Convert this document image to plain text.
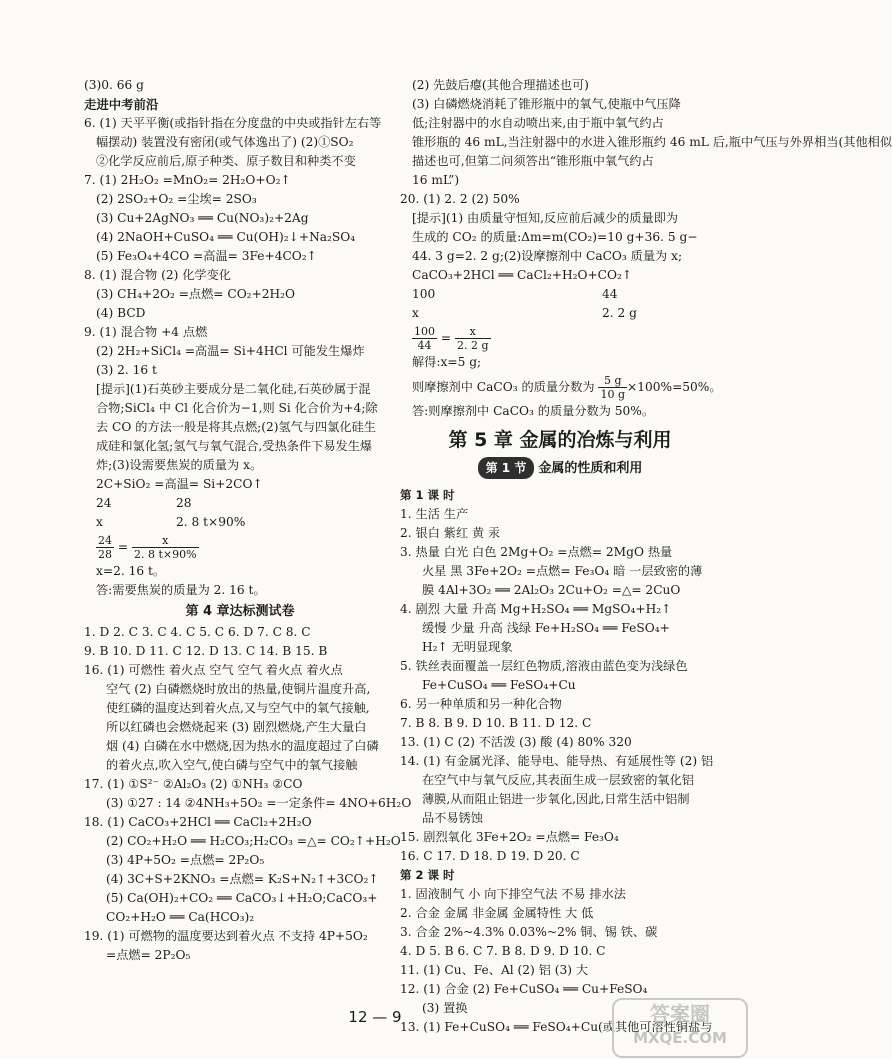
(3)0. 66 g
走进中考前沿
6. (1) 天平平衡(或指针指在分度盘的中央或指针左右等
幅摆动) 装置没有密闭(或气体逸出了) (2)①SO₂
②化学反应前后,原子种类、原子数目和种类不变
7. (1) 2H₂O₂ =MnO₂= 2H₂O+O₂↑
(2) 2SO₂+O₂ =尘埃= 2SO₃
(3) Cu+2AgNO₃ ══ Cu(NO₃)₂+2Ag
(4) 2NaOH+CuSO₄ ══ Cu(OH)₂↓+Na₂SO₄
(5) Fe₃O₄+4CO =高温= 3Fe+4CO₂↑
8. (1) 混合物 (2) 化学变化
(3) CH₄+2O₂ =点燃= CO₂+2H₂O
(4) BCD
9. (1) 混合物 +4 点燃
(2) 2H₂+SiCl₄ =高温= Si+4HCl 可能发生爆炸
(3) 2. 16 t
[提示](1)石英砂主要成分是二氧化硅,石英砂属于混
合物;SiCl₄ 中 Cl 化合价为−1,则 Si 化合价为+4;除
去 CO 的方法一般是将其点燃;(2)氢气与四氯化硅生
成硅和氯化氢;氢气与氧气混合,受热条件下易发生爆
炸;(3)设需要焦炭的质量为 x。
2C+SiO₂ =高温= Si+2CO↑
24	28
x	2. 8 t×90%
$\frac{24}{28} = \frac{x}{2. 8 t\times 90\%}$
x=2. 16 t。
答:需要焦炭的质量为 2. 16 t。
第 4 章达标测试卷
1. D 2. C 3. C 4. C 5. C 6. D 7. C 8. C
9. B 10. D 11. C 12. D 13. C 14. B 15. B
16. (1) 可燃性 着火点 空气 空气 着火点 着火点
空气 (2) 白磷燃烧时放出的热量,使铜片温度升高,
使红磷的温度达到着火点,又与空气中的氧气接触,
所以红磷也会燃烧起来 (3) 剧烈燃烧,产生大量白
烟 (4) 白磷在水中燃烧,因为热水的温度超过了白磷
的着火点,吹入空气,使白磷与空气中的氧气接触
17. (1) ①S²⁻ ②Al₂O₃ (2) ①NH₃ ②CO
(3) ①27 : 14 ②4NH₃+5O₂ =一定条件= 4NO+6H₂O
18. (1) CaCO₃+2HCl ══ CaCl₂+2H₂O
(2) CO₂+H₂O ══ H₂CO₃;H₂CO₃ =△= CO₂↑+H₂O
(3) 4P+5O₂ =点燃= 2P₂O₅
(4) 3C+S+2KNO₃ =点燃= K₂S+N₂↑+3CO₂↑
(5) Ca(OH)₂+CO₂ ══ CaCO₃↓+H₂O;CaCO₃+
CO₂+H₂O ══ Ca(HCO₃)₂
19. (1) 可燃物的温度要达到着火点 不支持 4P+5O₂
=点燃= 2P₂O₅
(2) 先鼓后瘪(其他合理描述也可)
(3) 白磷燃烧消耗了锥形瓶中的氧气,使瓶中气压降
低;注射器中的水自动喷出来,由于瓶中氧气约占
锥形瓶的 46 mL,当注射器中的水进入锥形瓶约 46 mL 后,瓶中气压与外界相当(其他相似
描述也可,但第二问须答出“锥形瓶中氧气约占
16 mL”)
20. (1) 2. 2 (2) 50%
[提示](1) 由质量守恒知,反应前后减少的质量即为
生成的 CO₂ 的质量:Δm=m(CO₂)=10 g+36. 5 g−
44. 3 g=2. 2 g;(2)设摩擦剂中 CaCO₃ 质量为 x;
CaCO₃+2HCl ══ CaCl₂+H₂O+CO₂↑
100	44
x	2. 2 g
$\frac{100}{44} = \frac{x}{2. 2 g}$
解得:x=5 g;
则摩擦剂中 CaCO₃ 的质量分数为 $\frac{5 g}{10 g} \times 100\%=50\%$。
答:则摩擦剂中 CaCO₃ 的质量分数为 50%。
第 5 章 金属的冶炼与利用
第 1 节 金属的性质和利用
第 1 课 时
1. 生活 生产
2. 银白 紫红 黄 汞
3. 热量 白光 白色 2Mg+O₂ =点燃= 2MgO 热量
火星 黑 3Fe+2O₂ =点燃= Fe₃O₄ 暗 一层致密的薄
膜 4Al+3O₂ ══ 2Al₂O₃ 2Cu+O₂ =△= 2CuO
4. 剧烈 大量 升高 Mg+H₂SO₄ ══ MgSO₄+H₂↑
缓慢 少量 升高 浅绿 Fe+H₂SO₄ ══ FeSO₄+
H₂↑ 无明显现象
5. 铁丝表面覆盖一层红色物质,溶液由蓝色变为浅绿色
Fe+CuSO₄ ══ FeSO₄+Cu
6. 另一种单质和另一种化合物
7. B 8. B 9. D 10. B 11. D 12. C
13. (1) C (2) 不活泼 (3) 酸 (4) 80% 320
14. (1) 有金属光泽、能导电、能导热、有延展性等 (2) 铝
在空气中与氧气反应,其表面生成一层致密的氧化铝
薄膜,从而阻止铝进一步氧化,因此,日常生活中铝制
品不易锈蚀
15. 剧烈氧化 3Fe+2O₂ =点燃= Fe₃O₄
16. C 17. D 18. D 19. D 20. C
第 2 课 时
1. 固液制气 小 向下排空气法 不易 排水法
2. 合金 金属 非金属 金属特性 大 低
3. 合金 2%~4.3% 0.03%~2% 铜、锡 铁、碳
4. D 5. B 6. C 7. B 8. D 9. D 10. C
11. (1) Cu、Fe、Al (2) 铝 (3) 大
12. (1) 合金 (2) Fe+CuSO₄ ══ Cu+FeSO₄
(3) 置换
13. (1) Fe+CuSO₄ ══ FeSO₄+Cu(或其他可溶性铜盐与
12 — 9	答案圈
MXQE.COM
